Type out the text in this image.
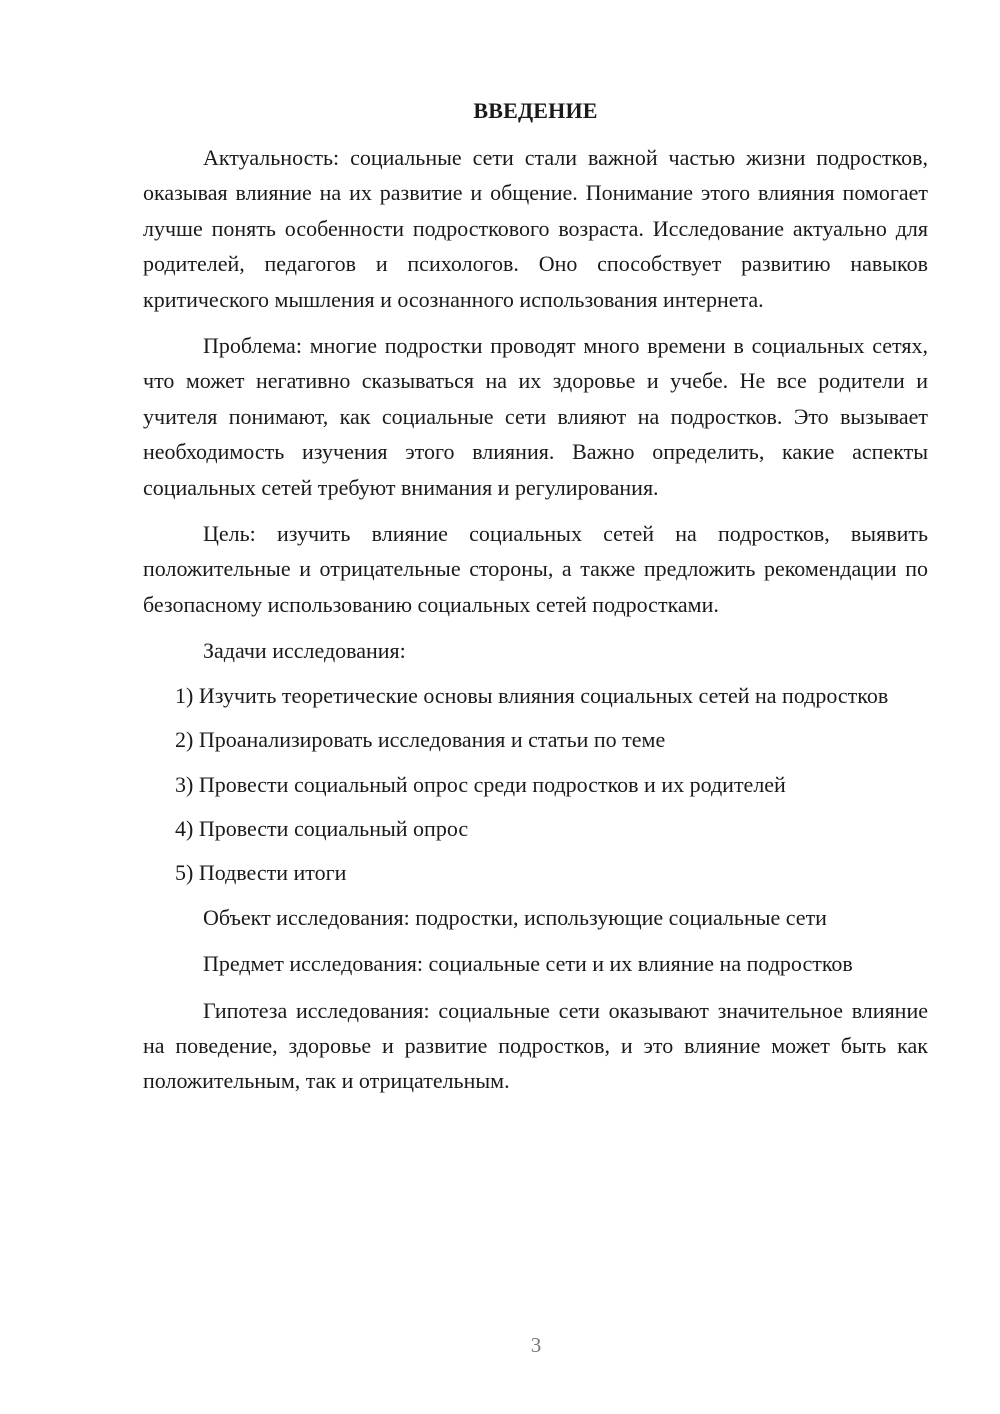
ВВЕДЕНИЕ

Актуальность: социальные сети стали важной частью жизни подростков, оказывая влияние на их развитие и общение. Понимание этого влияния помогает лучше понять особенности подросткового возраста. Исследование актуально для родителей, педагогов и психологов. Оно способствует развитию навыков критического мышления и осознанного использования интернета.

Проблема: многие подростки проводят много времени в социальных сетях, что может негативно сказываться на их здоровье и учебе. Не все родители и учителя понимают, как социальные сети влияют на подростков. Это вызывает необходимость изучения этого влияния. Важно определить, какие аспекты социальных сетей требуют внимания и регулирования.

Цель: изучить влияние социальных сетей на подростков, выявить положительные и отрицательные стороны, а также предложить рекомендации по безопасному использованию социальных сетей подростками.

Задачи исследования:

1) Изучить теоретические основы влияния социальных сетей на подростков

2) Проанализировать исследования и статьи по теме

3) Провести социальный опрос среди подростков и их родителей

4) Провести социальный опрос

5) Подвести итоги

Объект исследования: подростки, использующие социальные сети

Предмет исследования: социальные сети и их влияние на подростков

Гипотеза исследования: социальные сети оказывают значительное влияние на поведение, здоровье и развитие подростков, и это влияние может быть как положительным, так и отрицательным.

3
